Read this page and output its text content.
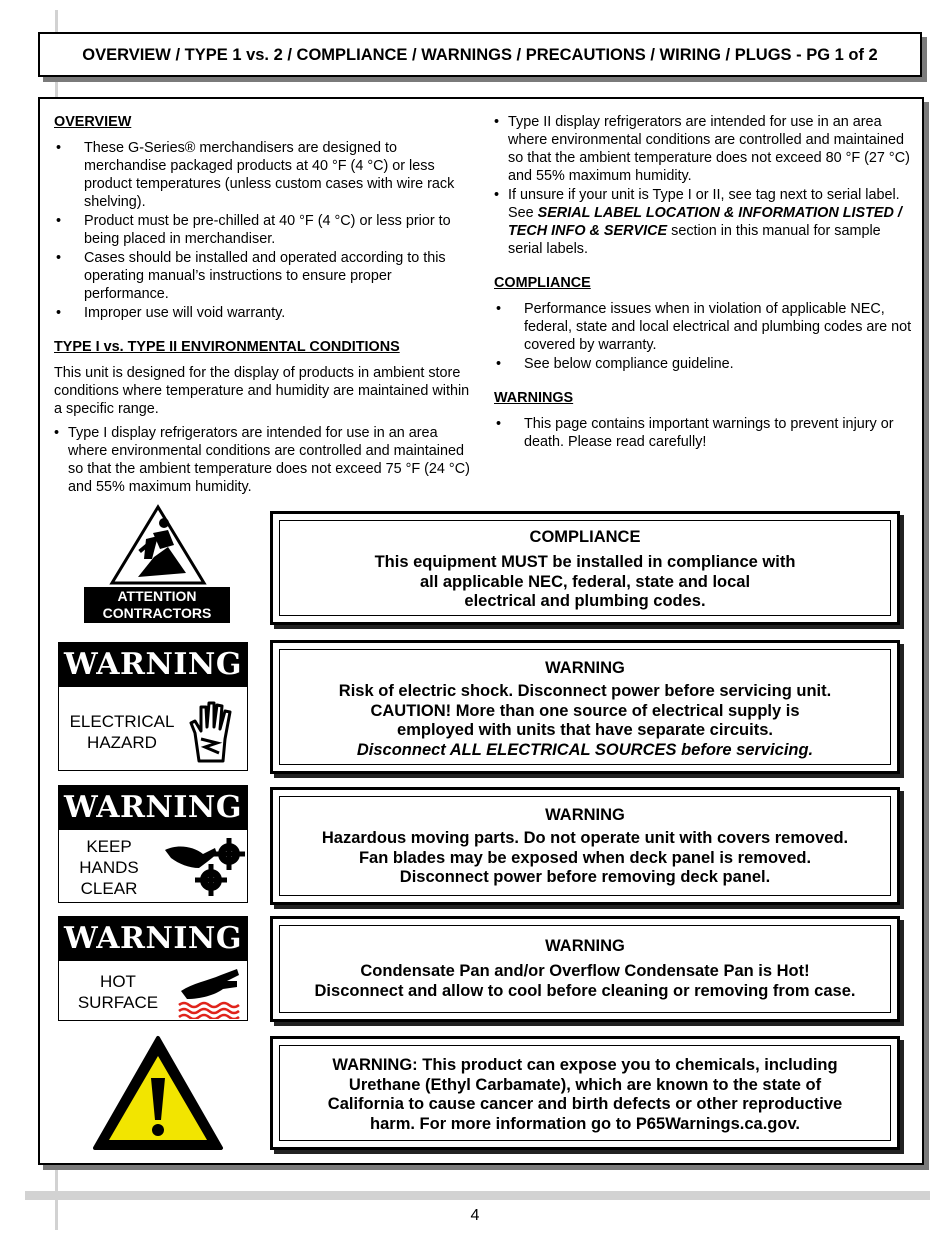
OVERVIEW / TYPE 1 vs. 2 / COMPLIANCE / WARNINGS / PRECAUTIONS / WIRING / PLUGS - PG 1 of 2
OVERVIEW
• These G-Series® merchandisers are designed to merchandise packaged products at 40 °F (4 °C) or less product temperatures (unless custom cases with wire rack shelving).
• Product must be pre-chilled at 40 °F (4 °C) or less prior to being placed in merchandiser.
• Cases should be installed and operated according to this operating manual’s instructions to ensure proper performance.
• Improper use will void warranty.
TYPE I vs. TYPE II ENVIRONMENTAL CONDITIONS

This unit is designed for the display of products in ambient store conditions where temperature and humidity are maintained within a specific range.

• Type I display refrigerators are intended for use in an area where environmental conditions are controlled and maintained so that the ambient temperature does not exceed 75 °F (24 °C) and 55% maximum humidity.
• Type II display refrigerators are intended for use in an area where environmental conditions are controlled and maintained so that the ambient temperature does not exceed 80 °F (27 °C) and 55% maximum humidity.
• If unsure if your unit is Type I or II, see tag next to serial label. See SERIAL LABEL LOCATION & INFORMATION LISTED / TECH INFO & SERVICE section in this manual for sample serial labels.
COMPLIANCE
• Performance issues when in violation of applicable NEC, federal, state and local electrical and plumbing codes are not covered by warranty.
• See below compliance guideline.
WARNINGS
• This page contains important warnings to prevent injury or death. Please read carefully!
ATTENTION
CONTRACTORS
COMPLIANCE
This equipment MUST be installed in compliance with
all applicable NEC, federal, state and local
electrical and plumbing codes.
WARNING
ELECTRICAL
HAZARD
WARNING
Risk of electric shock. Disconnect power before servicing unit.
CAUTION! More than one source of electrical supply is
employed with units that have separate circuits.
Disconnect ALL ELECTRICAL SOURCES before servicing.
WARNING
KEEP
HANDS
CLEAR
WARNING
Hazardous moving parts. Do not operate unit with covers removed.
Fan blades may be exposed when deck panel is removed.
Disconnect power before removing deck panel.
WARNING
HOT
SURFACE
WARNING
Condensate Pan and/or Overflow Condensate Pan is Hot!
Disconnect and allow to cool before cleaning or removing from case.
WARNING: This product can expose you to chemicals, including
Urethane (Ethyl Carbamate), which are known to the state of
California to cause cancer and birth defects or other reproductive
harm. For more information go to P65Warnings.ca.gov.
4
